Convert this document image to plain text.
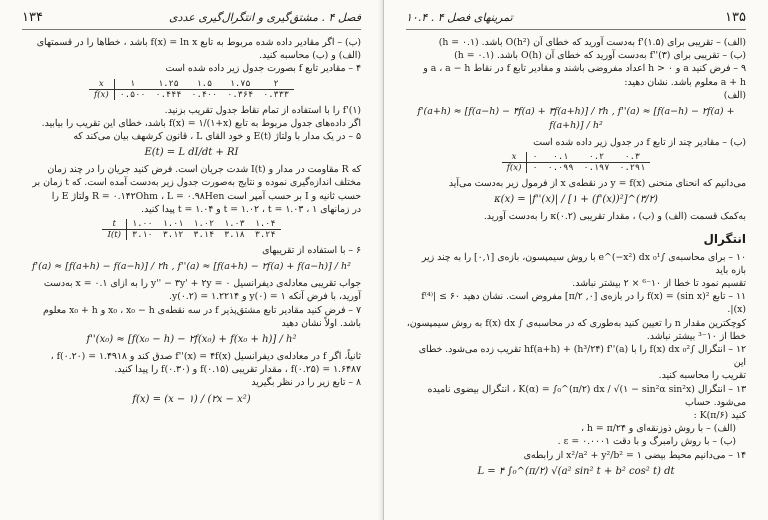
۱۳۴	فصل ۴ . مشتق‌گیری و انتگرال‌گیری عددی

(ب) – اگر مقادیر داده شده مربوط به تابع f(x) = ln x باشد ، خطاها را در قسمتهای

(الف) و (ب) محاسبه کنید.

۴ – مقادیر تابع f بصورت جدول زیر داده شده است

x	۱	۱.۲۵	۱.۵	۱.۷۵	۲
f(x)	۰.۵۰۰	۰.۴۴۴	۰.۴۰۰	۰.۳۶۴	۰.۳۳۳

f'(۱) را با استفاده از تمام نقاط جدول تقریب بزنید.

اگر داده‌های جدول مربوط به تابع f(x) = ۱/(۱+x) باشد، خطای این تقریب را بیابید.

۵ – در یک مدار با ولتاژ E(t) و خود القای L ، قانون کرشهف بیان می‌کند که

E(t) = L dI/dt + RI

که R مقاومت در مدار و I(t) شدت جریان است. فرض کنید جریان را در چند زمان

مختلف اندازه‌گیری نموده و نتایج به‌صورت جدول زیر به‌دست آمده است. که t زمان بر

حسب ثانیه و I بر حسب آمپر است R = ۰.۱۴۲Ohm ، L = ۰.۹۸Hen ولتاژ E را

در زمانهای ۱ ، t = ۱.۰۲ ، t = ۱.۰۳ و t = ۱.۰۴ پیدا کنید.

t	۱.۰۰	۱.۰۱	۱.۰۲	۱.۰۳	۱.۰۴
I(t)	۳.۱۰	۳.۱۲	۳.۱۴	۳.۱۸	۳.۲۴

۶ – با استفاده از تقریبهای

f'(a) ≈ [f(a+h) − f(a−h)] / ۲h , f''(a) ≈ [f(a+h) − ۲f(a) + f(a−h)] / h²

جواب تقریبی معادله‌ی دیفرانسیل y'' − ۳y' + ۲y = ۰ را به ازای x = ۰.۱ به‌دست

آورید، با فرض آنکه y(۰) = ۱ و y(۰.۲) = ۱.۲۲۱۴.

۷ – فرض کنید مقادیر تابع مشتق‌پذیر f در سه نقطه‌ی x₀ ، x₀ − h و x₀ + h معلوم

باشد. اولاً نشان دهید

f''(x₀) ≈ [f(x₀ − h) − ۲f(x₀) + f(x₀ + h)] / h²

ثانیاً، اگر f در معادله‌ی دیفرانسیل f''(x) = ۴f(x) صدق کند و f(۰.۲۰) = ۱.۴۹۱۸ ،

f(۰.۲۵) = ۱.۶۴۸۷ ، مقدار تقریبی f(۰.۱۵) و f(۰.۳۰) را پیدا کنید.

۸ – تابع زیر را در نظر بگیرید

f(x) = (x − ۱) / (۲x − x²)
۱۰.۴ . تمرینهای فصل ۴	۱۳۵

(الف) – تقریبی برای f'(۱.۵) به‌دست آورید که خطای آن O(h²) باشد. (h = ۰.۱)

(ب) – تقریبی برای f''(۳) به‌دست آورید که خطای آن O(h) باشد. (h = ۰.۱)

۹ – فرض کنید a و h > ۰ اعداد مفروضی باشند و مقادیر تابع f در نقاط a ، a − h و

a + h معلوم باشد. نشان دهید:

(الف)

f'(a+h) ≈ [f(a−h) − ۴f(a) + ۳f(a+h)] / ۲h , f''(a) ≈ [f(a−h) − ۲f(a) + f(a+h)] / h²

(ب) – مقادیر چند از تابع f در جدول زیر داده شده است

x	۰	۰.۱	۰.۲	۰.۳
f(x)	۰	۰.۰۹۹	۰.۱۹۷	۰.۲۹۱

می‌دانیم که انحنای منحنی y = f(x) در نقطه‌ی x از فرمول زیر به‌دست می‌آید

κ(x) = |f''(x)| / [۱ + (f'(x))²]^(۳/۲)

به‌کمک قسمت (الف) و (ب) ، مقدار تقریبی κ(۰.۲) را به‌دست آورید.

انتگرال

۱۰ – برای محاسبه‌ی ∫₀¹ e^(−x²) dx با روش سیمپسون، بازه‌ی [۰,۱] را به چند زیر بازه باید

تقسیم نمود تا خطا از ۱۰⁻⁶ × ۲ بیشتر نباشد.

۱۱ – تابع f(x) = (sin x)² را در بازه‌ی [۰, π/۲] مفروض است. نشان دهید ۶۰ ≥ |f⁽⁴⁾(x)|.

کوچکترین مقدار n را تعیین کنید به‌طوری که در محاسبه‌ی ∫ f(x) dx به روش سیمپسون،

خطا از ۱۰⁻³ بیشتر نباشد.

۱۲ – انتگرال ∫₀² f(x) dx را با hf(a+h) + (h³/۲۴) f''(a) تقریب زده می‌شود. خطای این

تقریب را محاسبه کنید.

۱۳ – انتگرال K(α) = ∫₀^(π/۲) dx / √(۱ − sin²α sin²x) ، انتگرال بیضوی نامیده می‌شود. حساب

کنید K(π/۶) :

(الف) – با روش ذوزنقه‌ای و h = π/۲۴ ،

(ب) – با روش رامبرگ و با دقت ε = ۰.۰۰۰۱ .

۱۴ – می‌دانیم محیط بیضی x²/a² + y²/b² = ۱ از رابطه‌ی

L = ۴ ∫₀^(π/۲) √(a² sin² t + b² cos² t) dt
